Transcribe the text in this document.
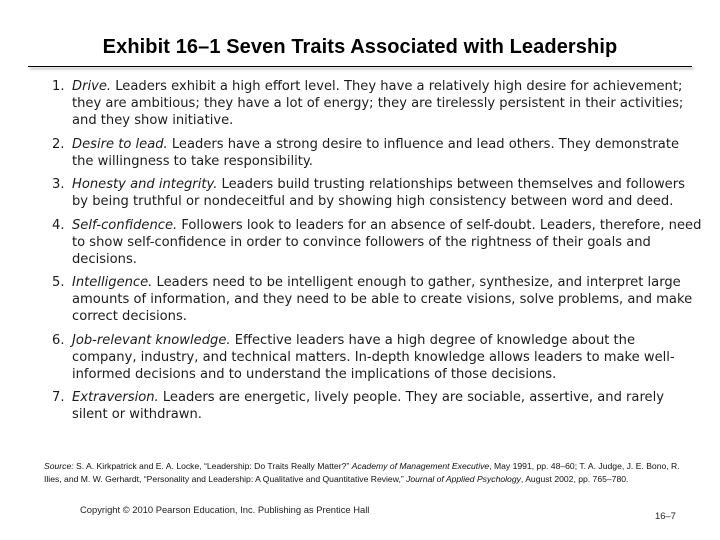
Exhibit 16–1 Seven Traits Associated with Leadership
1. Drive. Leaders exhibit a high effort level. They have a relatively high desire for achievement; they are ambitious; they have a lot of energy; they are tirelessly persistent in their activities; and they show initiative.
2. Desire to lead. Leaders have a strong desire to influence and lead others. They demonstrate the willingness to take responsibility.
3. Honesty and integrity. Leaders build trusting relationships between themselves and followers by being truthful or nondeceitful and by showing high consistency between word and deed.
4. Self-confidence. Followers look to leaders for an absence of self-doubt. Leaders, therefore, need to show self-confidence in order to convince followers of the rightness of their goals and decisions.
5. Intelligence. Leaders need to be intelligent enough to gather, synthesize, and interpret large amounts of information, and they need to be able to create visions, solve problems, and make correct decisions.
6. Job-relevant knowledge. Effective leaders have a high degree of knowledge about the company, industry, and technical matters. In-depth knowledge allows leaders to make well-informed decisions and to understand the implications of those decisions.
7. Extraversion. Leaders are energetic, lively people. They are sociable, assertive, and rarely silent or withdrawn.

Source: S. A. Kirkpatrick and E. A. Locke, “Leadership: Do Traits Really Matter?” Academy of Management Executive, May 1991, pp. 48–60; T. A. Judge, J. E. Bono, R. Ilies, and M. W. Gerhardt, “Personality and Leadership: A Qualitative and Quantitative Review,” Journal of Applied Psychology, August 2002, pp. 765–780.

Copyright © 2010 Pearson Education, Inc. Publishing as Prentice Hall

16–7
